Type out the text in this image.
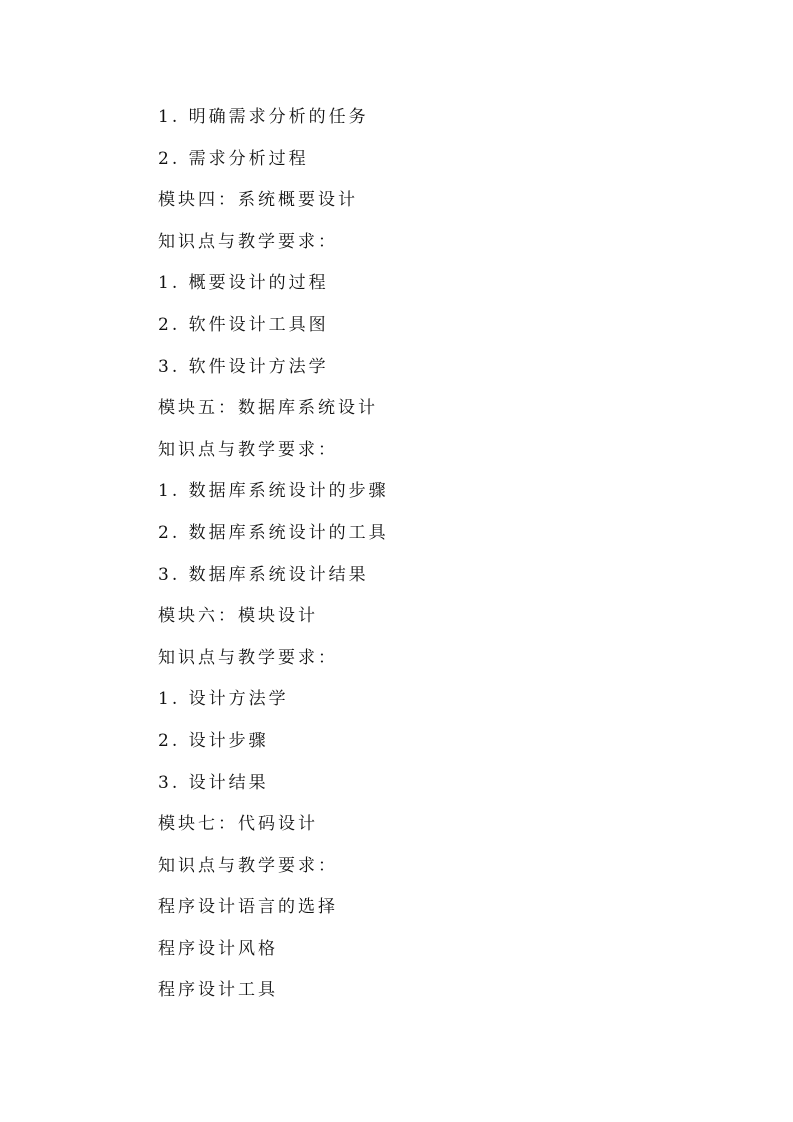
1. 明确需求分析的任务
2. 需求分析过程
模块四：系统概要设计
知识点与教学要求：
1. 概要设计的过程
2. 软件设计工具图
3. 软件设计方法学
模块五：数据库系统设计
知识点与教学要求：
1. 数据库系统设计的步骤
2. 数据库系统设计的工具
3. 数据库系统设计结果
模块六：模块设计
知识点与教学要求：
1. 设计方法学
2. 设计步骤
3. 设计结果
模块七：代码设计
知识点与教学要求：
程序设计语言的选择
程序设计风格
程序设计工具
